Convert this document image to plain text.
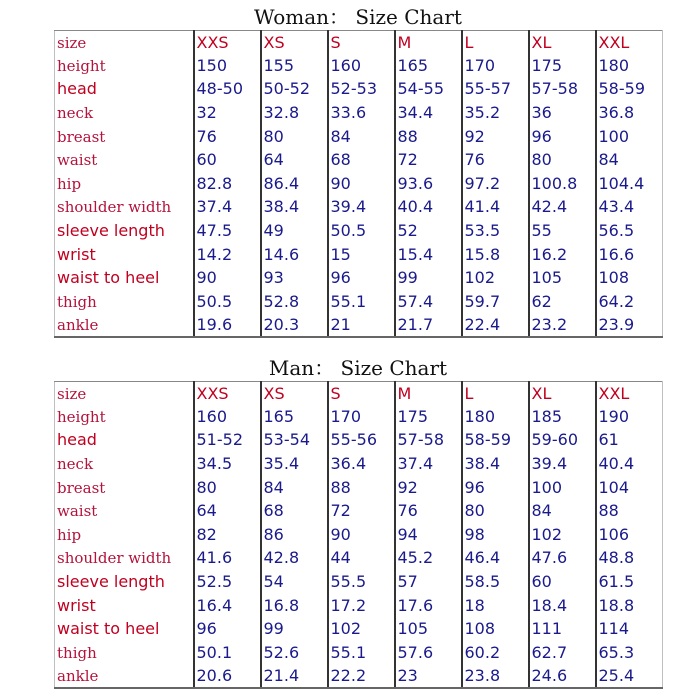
Woman： Size Chart
size	XXS	XS	S	M	L	XL	XXL
height	150	155	160	165	170	175	180
head	48-50	50-52	52-53	54-55	55-57	57-58	58-59
neck	32	32.8	33.6	34.4	35.2	36	36.8
breast	76	80	84	88	92	96	100
waist	60	64	68	72	76	80	84
hip	82.8	86.4	90	93.6	97.2	100.8	104.4
shoulder width	37.4	38.4	39.4	40.4	41.4	42.4	43.4
sleeve length	47.5	49	50.5	52	53.5	55	56.5
wrist	14.2	14.6	15	15.4	15.8	16.2	16.6
waist to heel	90	93	96	99	102	105	108
thigh	50.5	52.8	55.1	57.4	59.7	62	64.2
ankle	19.6	20.3	21	21.7	22.4	23.2	23.9
Man： Size Chart
size	XXS	XS	S	M	L	XL	XXL
height	160	165	170	175	180	185	190
head	51-52	53-54	55-56	57-58	58-59	59-60	61
neck	34.5	35.4	36.4	37.4	38.4	39.4	40.4
breast	80	84	88	92	96	100	104
waist	64	68	72	76	80	84	88
hip	82	86	90	94	98	102	106
shoulder width	41.6	42.8	44	45.2	46.4	47.6	48.8
sleeve length	52.5	54	55.5	57	58.5	60	61.5
wrist	16.4	16.8	17.2	17.6	18	18.4	18.8
waist to heel	96	99	102	105	108	111	114
thigh	50.1	52.6	55.1	57.6	60.2	62.7	65.3
ankle	20.6	21.4	22.2	23	23.8	24.6	25.4
